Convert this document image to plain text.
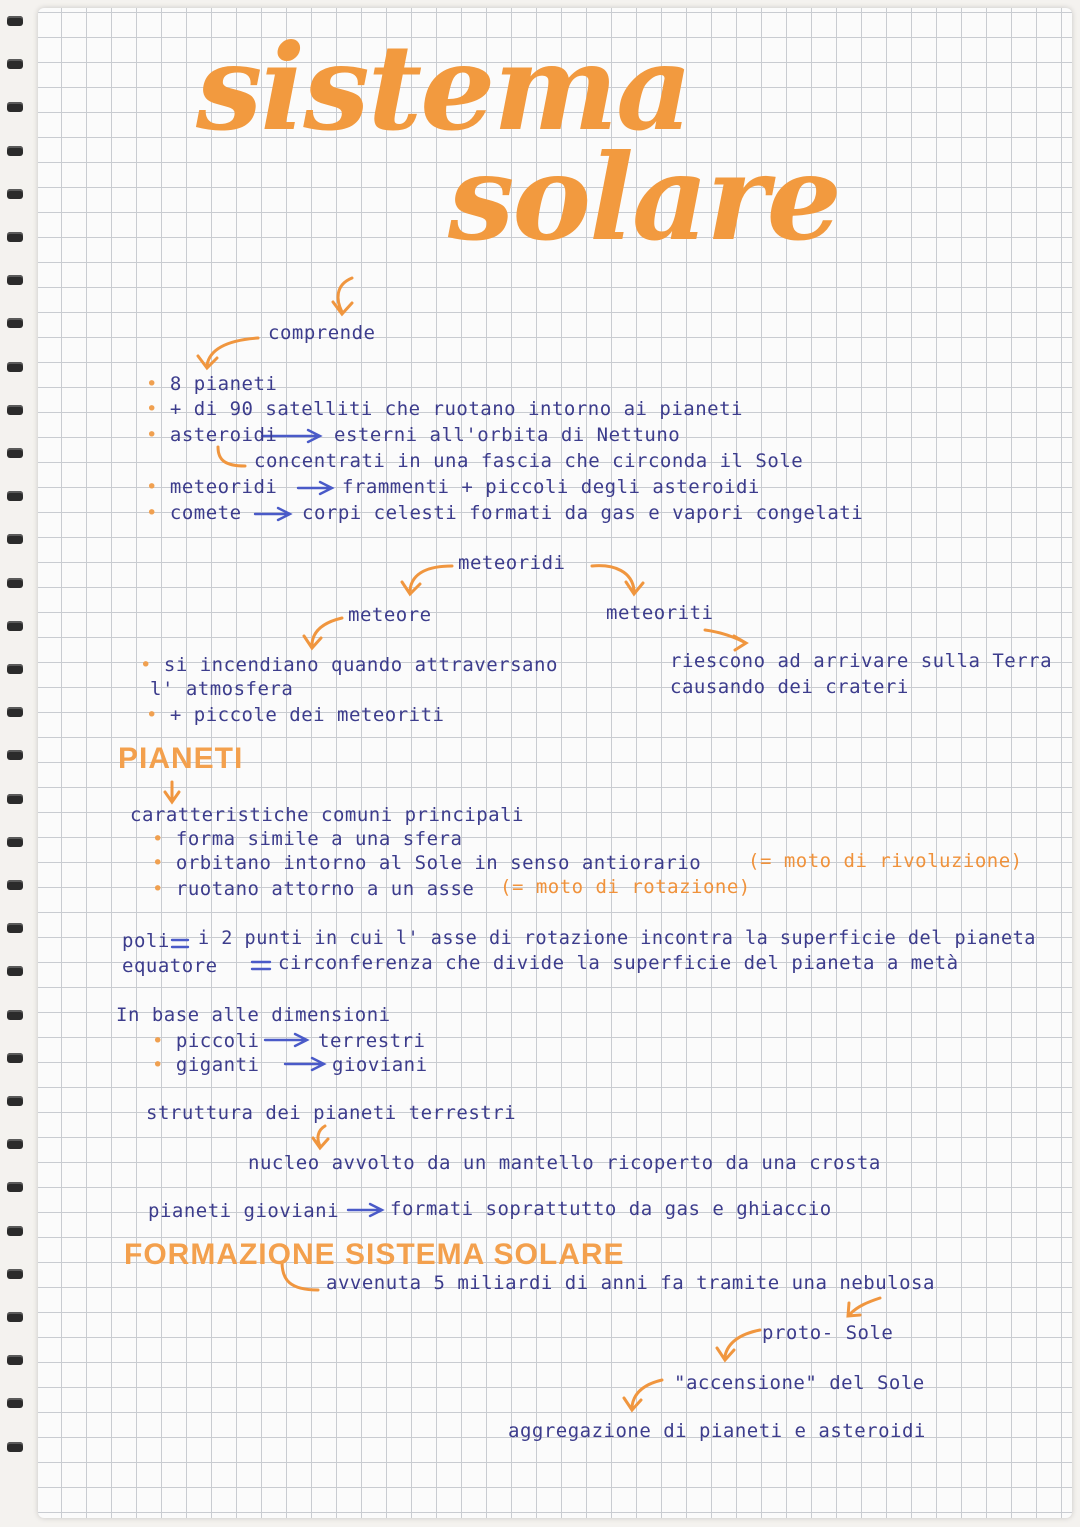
sistema
solare
comprende
• 8 pianeti
• + di 90 satelliti che ruotano intorno ai pianeti
• asteroidi	esterni all'orbita di Nettuno
concentrati in una fascia che circonda il Sole
• meteoridi	frammenti + piccoli degli asteroidi
• comete	corpi celesti formati da gas e vapori congelati
meteoridi
meteore	meteoriti
• si incendiano quando attraversano
l' atmosfera
• + piccole dei meteoriti
riescono ad arrivare sulla Terra
causando dei crateri
PIANETI
caratteristiche comuni principali
• forma simile a una sfera
• orbitano intorno al Sole in senso antiorario (= moto di rivoluzione)
• ruotano attorno a un asse (= moto di rotazione)
poli i 2 punti in cui l' asse di rotazione incontra la superficie del pianeta
equatore	circonferenza che divide la superficie del pianeta a metà
In base alle dimensioni
• piccoli	terrestri
• giganti	gioviani
struttura dei pianeti terrestri
nucleo avvolto da un mantello ricoperto da una crosta
pianeti gioviani	formati soprattutto da gas e ghiaccio
FORMAZIONE SISTEMA SOLARE
avvenuta 5 miliardi di anni fa tramite una nebulosa
proto- Sole
"accensione" del Sole
aggregazione di pianeti e asteroidi
